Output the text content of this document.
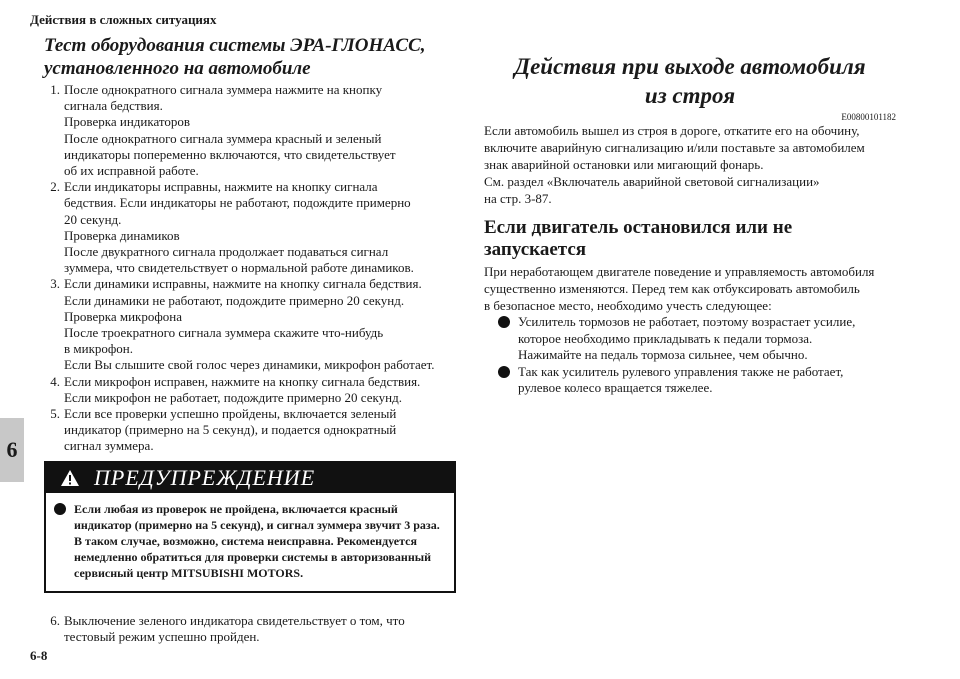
Действия в сложных ситуациях
6
6-8
Тест оборудования системы ЭРА-ГЛОНАСС,
установленного на автомобиле
1. После однократного сигнала зуммера нажмите на кнопку
сигнала бедствия.
Проверка индикаторов
После однократного сигнала зуммера красный и зеленый
индикаторы попеременно включаются, что свидетельствует
об их исправной работе.
2. Если индикаторы исправны, нажмите на кнопку сигнала
бедствия. Если индикаторы не работают, подождите примерно
20 секунд.
Проверка динамиков
После двукратного сигнала продолжает подаваться сигнал
зуммера, что свидетельствует о нормальной работе динамиков.
3. Если динамики исправны, нажмите на кнопку сигнала бедствия.
Если динамики не работают, подождите примерно 20 секунд.
Проверка микрофона
После троекратного сигнала зуммера скажите что-нибудь
в микрофон.
Если Вы слышите свой голос через динамики, микрофон работает.
4. Если микрофон исправен, нажмите на кнопку сигнала бедствия.
Если микрофон не работает, подождите примерно 20 секунд.
5. Если все проверки успешно пройдены, включается зеленый
индикатор (примерно на 5 секунд), и подается однократный
сигнал зуммера.
ПРЕДУПРЕЖДЕНИЕ
Если любая из проверок не пройдена, включается красный
индикатор (примерно на 5 секунд), и сигнал зуммера звучит 3 раза.
В таком случае, возможно, система неисправна. Рекомендуется
немедленно обратиться для проверки системы в авторизованный
сервисный центр MITSUBISHI MOTORS.
6. Выключение зеленого индикатора свидетельствует о том, что
тестовый режим успешно пройден.
Действия при выходе автомобиля
из строя
E00800101182

Если автомобиль вышел из строя в дороге, откатите его на обочину,

включите аварийную сигнализацию и/или поставьте за автомобилем

знак аварийной остановки или мигающий фонарь.

См. раздел «Включатель аварийной световой сигнализации»

на стр. 3-87.

Если двигатель остановился или не запускается

При неработающем двигателе поведение и управляемость автомобиля

существенно изменяются. Перед тем как отбуксировать автомобиль

в безопасное место, необходимо учесть следующее:

Усилитель тормозов не работает, поэтому возрастает усилие,
которое необходимо прикладывать к педали тормоза.
Нажимайте на педаль тормоза сильнее, чем обычно.
Так как усилитель рулевого управления также не работает,
рулевое колесо вращается тяжелее.
